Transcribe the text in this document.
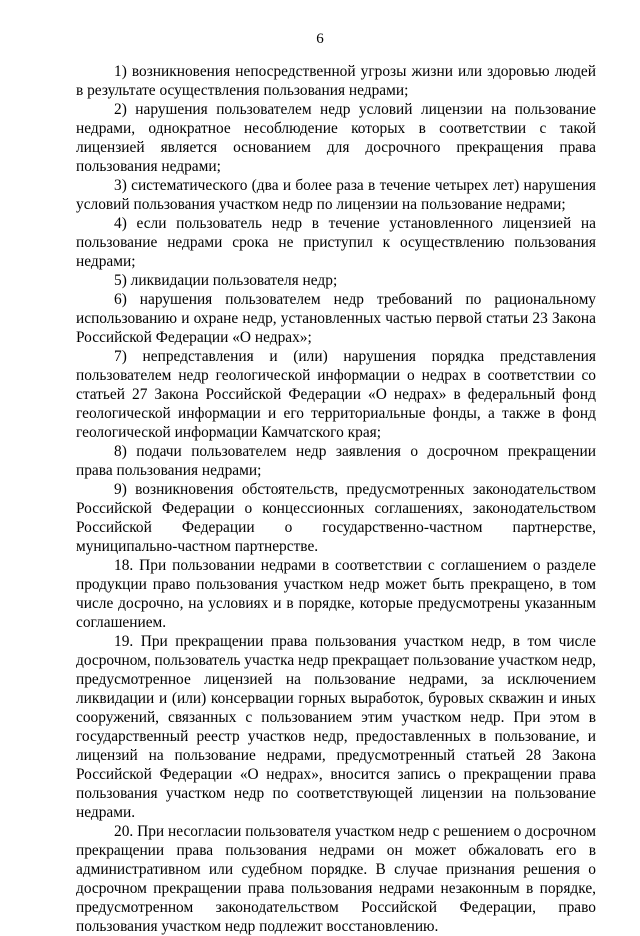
6

1) возникновения непосредственной угрозы жизни или здоровью людей в результате осуществления пользования недрами;

2) нарушения пользователем недр условий лицензии на пользование недрами, однократное несоблюдение которых в соответствии с такой лицензией является основанием для досрочного прекращения права пользования недрами;

3) систематического (два и более раза в течение четырех лет) нарушения условий пользования участком недр по лицензии на пользование недрами;

4) если пользователь недр в течение установленного лицензией на пользование недрами срока не приступил к осуществлению пользования недрами;

5) ликвидации пользователя недр;

6) нарушения пользователем недр требований по рациональному использованию и охране недр, установленных частью первой статьи 23 Закона Российской Федерации «О недрах»;

7) непредставления и (или) нарушения порядка представления пользователем недр геологической информации о недрах в соответствии со статьей 27 Закона Российской Федерации «О недрах» в федеральный фонд геологической информации и его территориальные фонды, а также в фонд геологической информации Камчатского края;

8) подачи пользователем недр заявления о досрочном прекращении права пользования недрами;

9) возникновения обстоятельств, предусмотренных законодательством Российской Федерации о концессионных соглашениях, законодательством Российской Федерации о государственно-частном партнерстве, муниципально-частном партнерстве.

18. При пользовании недрами в соответствии с соглашением о разделе продукции право пользования участком недр может быть прекращено, в том числе досрочно, на условиях и в порядке, которые предусмотрены указанным соглашением.

19. При прекращении права пользования участком недр, в том числе досрочном, пользователь участка недр прекращает пользование участком недр, предусмотренное лицензией на пользование недрами, за исключением ликвидации и (или) консервации горных выработок, буровых скважин и иных сооружений, связанных с пользованием этим участком недр. При этом в государственный реестр участков недр, предоставленных в пользование, и лицензий на пользование недрами, предусмотренный статьей 28 Закона Российской Федерации «О недрах», вносится запись о прекращении права пользования участком недр по соответствующей лицензии на пользование недрами.

20. При несогласии пользователя участком недр с решением о досрочном прекращении права пользования недрами он может обжаловать его в административном или судебном порядке. В случае признания решения о досрочном прекращении права пользования недрами незаконным в порядке, предусмотренном законодательством Российской Федерации, право пользования участком недр подлежит восстановлению.
